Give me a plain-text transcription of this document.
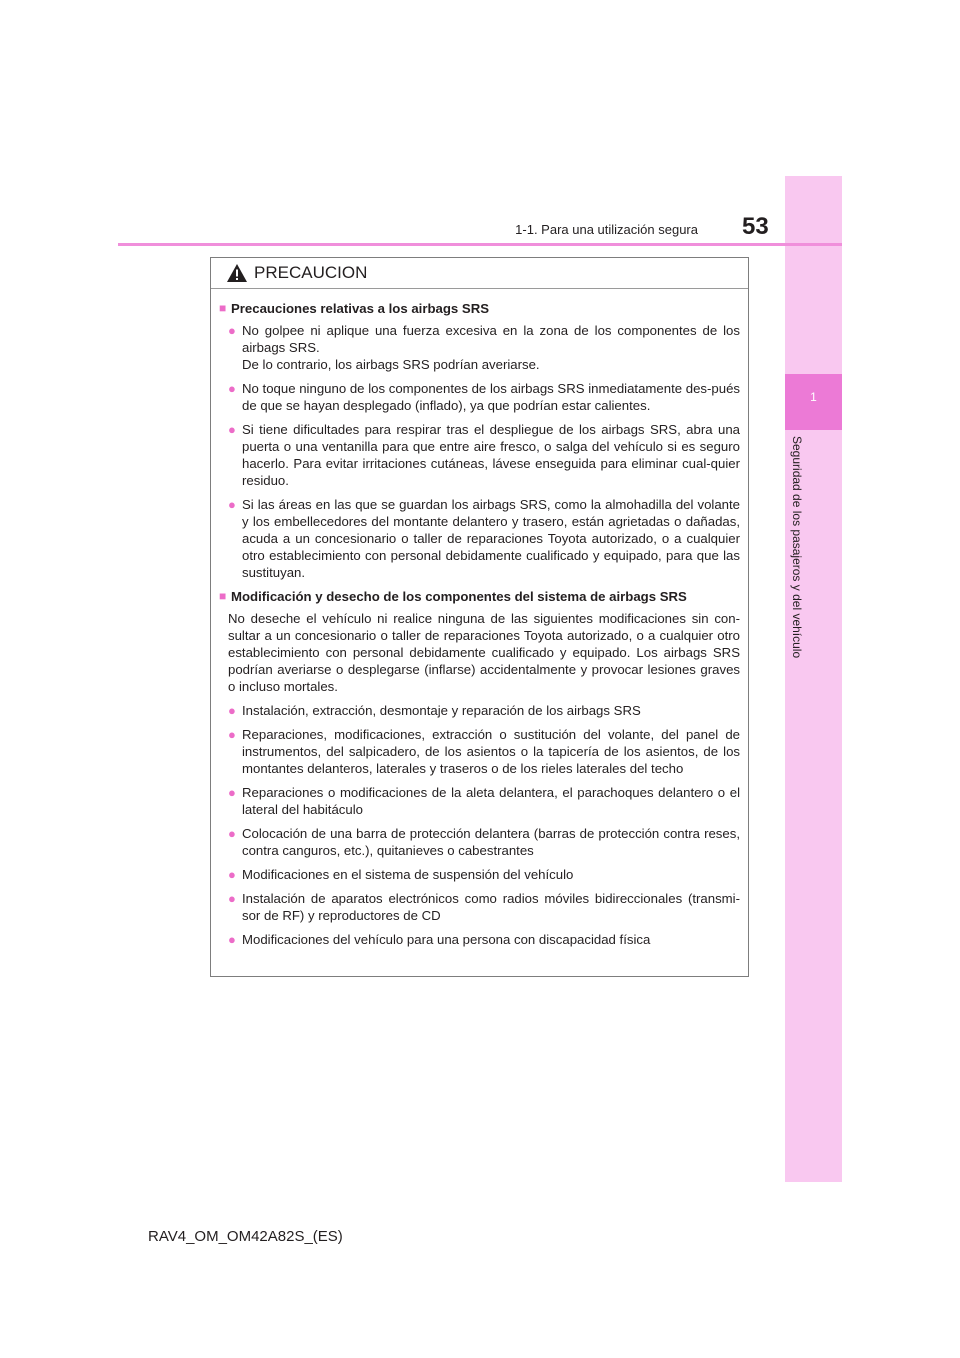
1
Seguridad de los pasajeros y del vehículo
1-1. Para una utilización segura 53
PRECAUCION
■ Precauciones relativas a los airbags SRS
● No golpee ni aplique una fuerza excesiva en la zona de los componentes de los airbags SRS.
De lo contrario, los airbags SRS podrían averiarse.
● No toque ninguno de los componentes de los airbags SRS inmediatamente des-pués de que se hayan desplegado (inflado), ya que podrían estar calientes.
● Si tiene dificultades para respirar tras el despliegue de los airbags SRS, abra una puerta o una ventanilla para que entre aire fresco, o salga del vehículo si es seguro hacerlo. Para evitar irritaciones cutáneas, lávese enseguida para eliminar cual-quier residuo.
● Si las áreas en las que se guardan los airbags SRS, como la almohadilla del volante y los embellecedores del montante delantero y trasero, están agrietadas o dañadas, acuda a un concesionario o taller de reparaciones Toyota autorizado, o a cualquier otro establecimiento con personal debidamente cualificado y equipado, para que las sustituyan.
■ Modificación y desecho de los componentes del sistema de airbags SRS
No deseche el vehículo ni realice ninguna de las siguientes modificaciones sin con-sultar a un concesionario o taller de reparaciones Toyota autorizado, o a cualquier otro establecimiento con personal debidamente cualificado y equipado. Los airbags SRS podrían averiarse o desplegarse (inflarse) accidentalmente y provocar lesiones graves o incluso mortales.
● Instalación, extracción, desmontaje y reparación de los airbags SRS
● Reparaciones, modificaciones, extracción o sustitución del volante, del panel de instrumentos, del salpicadero, de los asientos o la tapicería de los asientos, de los montantes delanteros, laterales y traseros o de los rieles laterales del techo
● Reparaciones o modificaciones de la aleta delantera, el parachoques delantero o el lateral del habitáculo
● Colocación de una barra de protección delantera (barras de protección contra reses, contra canguros, etc.), quitanieves o cabestrantes
● Modificaciones en el sistema de suspensión del vehículo
● Instalación de aparatos electrónicos como radios móviles bidireccionales (transmi-sor de RF) y reproductores de CD
● Modificaciones del vehículo para una persona con discapacidad física
RAV4_OM_OM42A82S_(ES)
